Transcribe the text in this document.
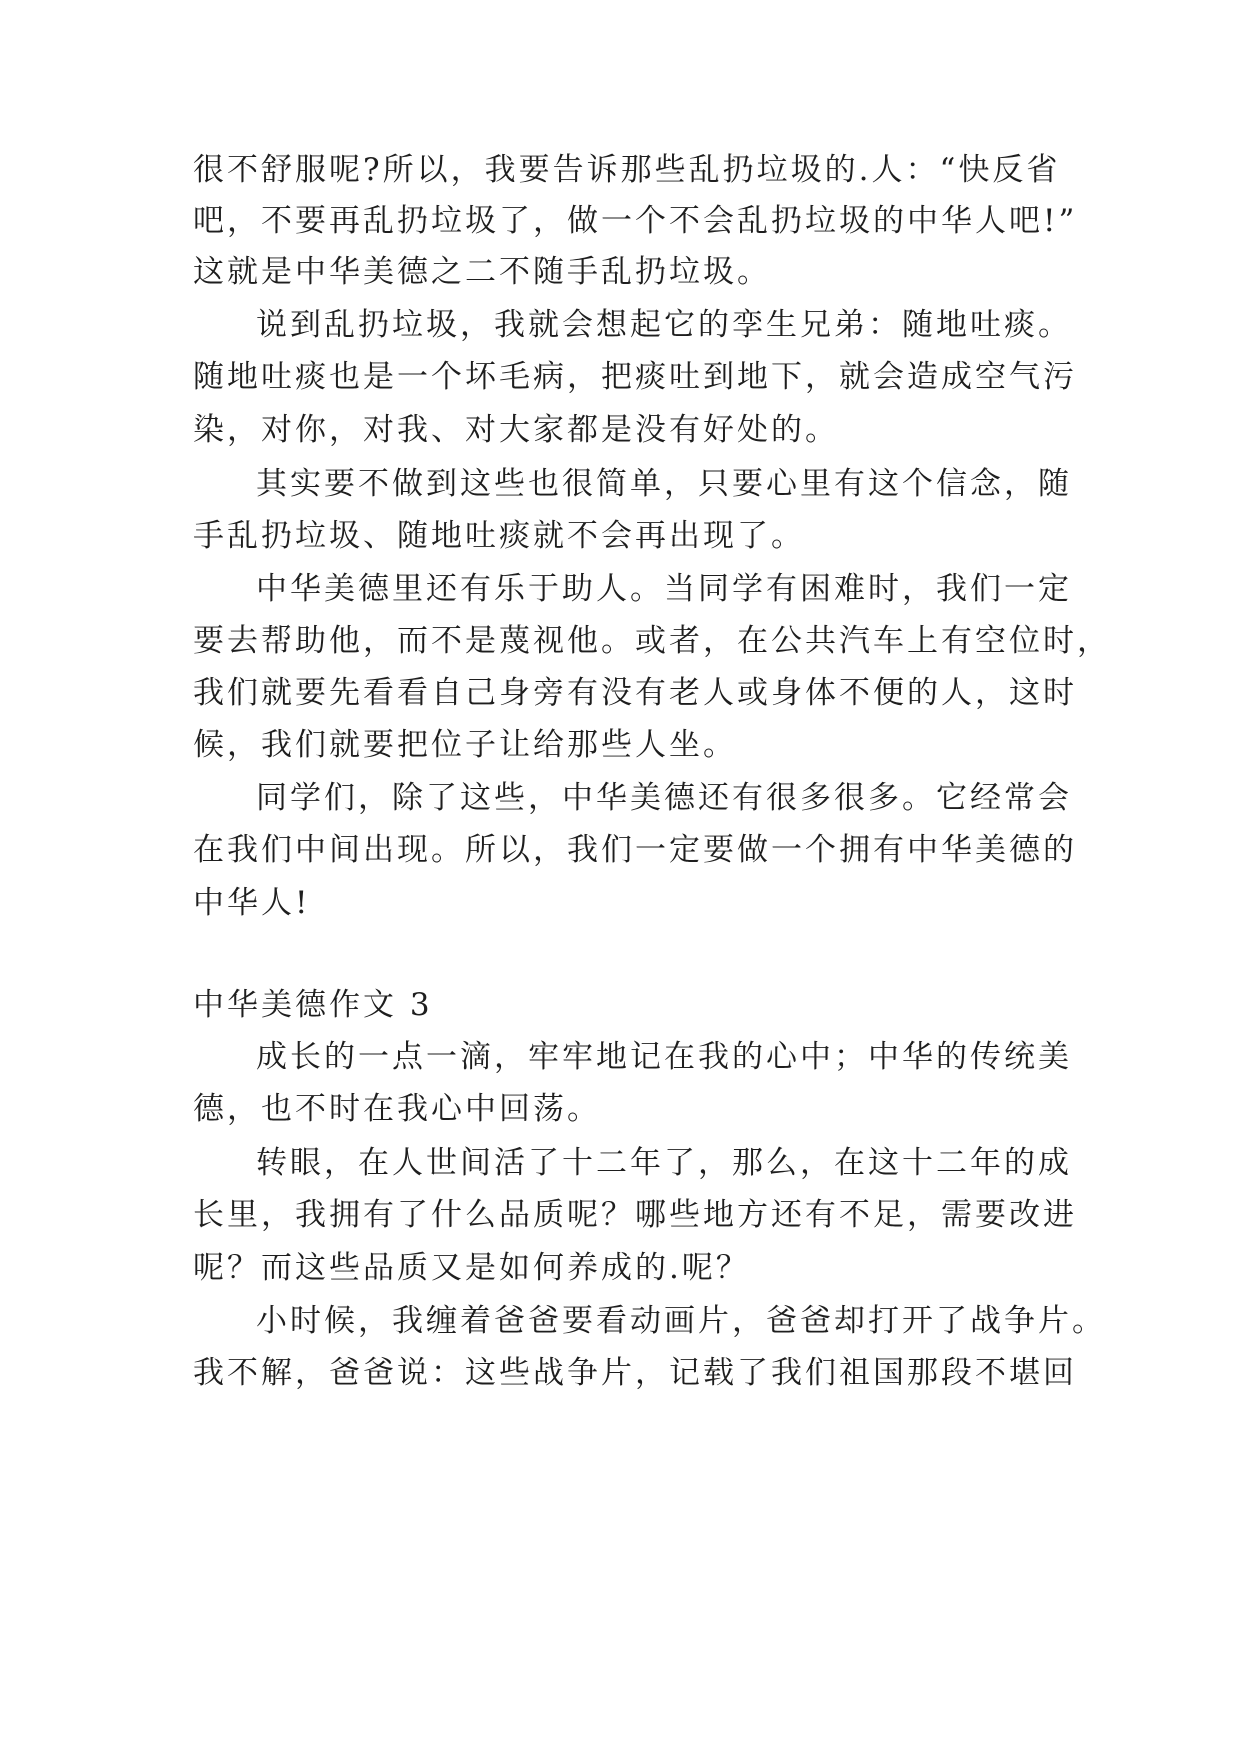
很不舒服呢?所以，我要告诉那些乱扔垃圾的.人：“快反省
吧，不要再乱扔垃圾了，做一个不会乱扔垃圾的中华人吧!”
这就是中华美德之二不随手乱扔垃圾。
说到乱扔垃圾，我就会想起它的孪生兄弟：随地吐痰。
随地吐痰也是一个坏毛病，把痰吐到地下，就会造成空气污
染，对你，对我、对大家都是没有好处的。
其实要不做到这些也很简单，只要心里有这个信念，随
手乱扔垃圾、随地吐痰就不会再出现了。
中华美德里还有乐于助人。当同学有困难时，我们一定
要去帮助他，而不是蔑视他。或者，在公共汽车上有空位时，
我们就要先看看自己身旁有没有老人或身体不便的人，这时
候，我们就要把位子让给那些人坐。
同学们，除了这些，中华美德还有很多很多。它经常会
在我们中间出现。所以，我们一定要做一个拥有中华美德的
中华人!
中华美德作文 3
成长的一点一滴，牢牢地记在我的心中；中华的传统美
德，也不时在我心中回荡。
转眼，在人世间活了十二年了，那么，在这十二年的成
长里，我拥有了什么品质呢？哪些地方还有不足，需要改进
呢？而这些品质又是如何养成的.呢？
小时候，我缠着爸爸要看动画片，爸爸却打开了战争片。
我不解，爸爸说：这些战争片，记载了我们祖国那段不堪回
